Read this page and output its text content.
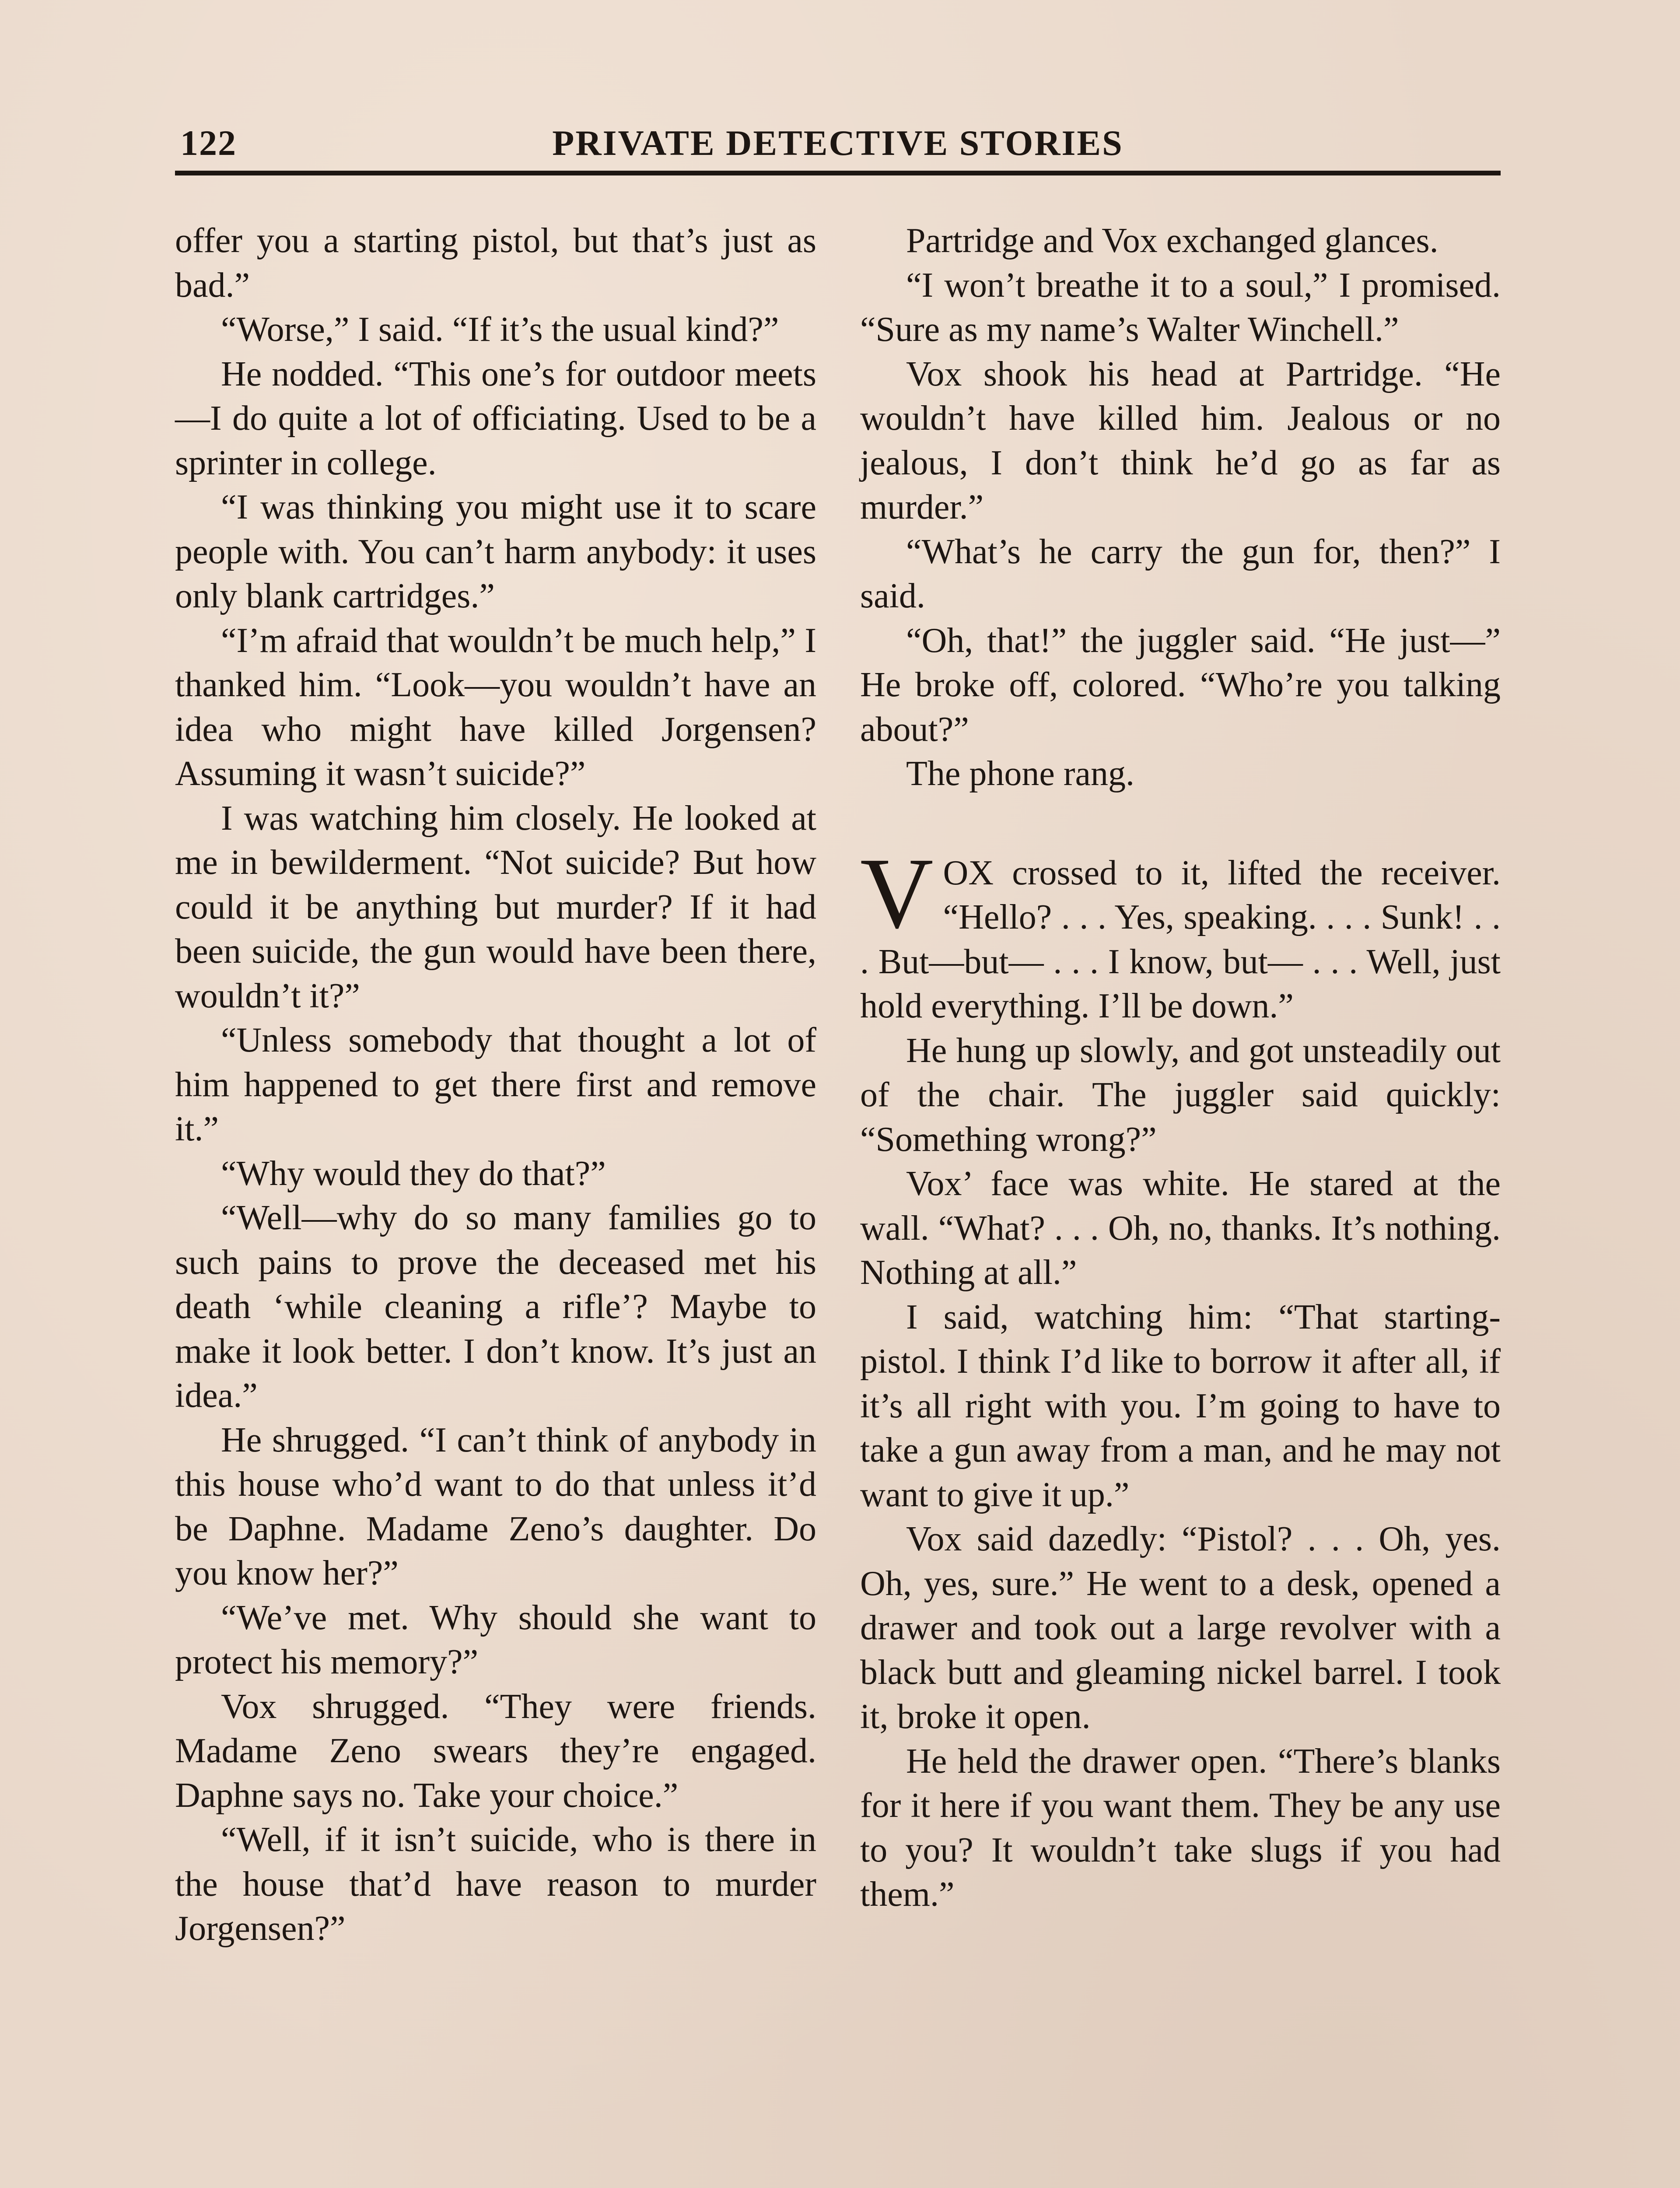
122	PRIVATE DETECTIVE STORIES

offer you a starting pistol, but that’s just as bad.”

“Worse,” I said. “If it’s the usual kind?”

He nodded. “This one’s for outdoor meets—I do quite a lot of officiating. Used to be a sprinter in college.

“I was thinking you might use it to scare people with. You can’t harm anybody: it uses only blank cartridges.”

“I’m afraid that wouldn’t be much help,” I thanked him. “Look—you wouldn’t have an idea who might have killed Jorgensen? Assuming it wasn’t suicide?”

I was watching him closely. He looked at me in bewilderment. “Not suicide? But how could it be anything but murder? If it had been suicide, the gun would have been there, wouldn’t it?”

“Unless somebody that thought a lot of him happened to get there first and remove it.”

“Why would they do that?”

“Well—why do so many families go to such pains to prove the deceased met his death ‘while cleaning a rifle’? Maybe to make it look better. I don’t know. It’s just an idea.”

He shrugged. “I can’t think of anybody in this house who’d want to do that unless it’d be Daphne. Madame Zeno’s daughter. Do you know her?”

“We’ve met. Why should she want to protect his memory?”

Vox shrugged. “They were friends. Madame Zeno swears they’re engaged. Daphne says no. Take your choice.”

“Well, if it isn’t suicide, who is there in the house that’d have reason to murder Jorgensen?”

Partridge and Vox exchanged glances.

“I won’t breathe it to a soul,” I promised. “Sure as my name’s Walter Winchell.”

Vox shook his head at Partridge. “He wouldn’t have killed him. Jealous or no jealous, I don’t think he’d go as far as murder.”

“What’s he carry the gun for, then?” I said.

“Oh, that!” the juggler said. “He just—” He broke off, colored. “Who’re you talking about?”

The phone rang.

VOX crossed to it, lifted the receiver. “Hello? . . . Yes, speaking. . . . Sunk! . . . But—but— . . . I know, but— . . . Well, just hold everything. I’ll be down.”

He hung up slowly, and got unsteadily out of the chair. The juggler said quickly: “Something wrong?”

Vox’ face was white. He stared at the wall. “What? . . . Oh, no, thanks. It’s nothing. Nothing at all.”

I said, watching him: “That starting-pistol. I think I’d like to borrow it after all, if it’s all right with you. I’m going to have to take a gun away from a man, and he may not want to give it up.”

Vox said dazedly: “Pistol? . . . Oh, yes. Oh, yes, sure.” He went to a desk, opened a drawer and took out a large revolver with a black butt and gleaming nickel barrel. I took it, broke it open.

He held the drawer open. “There’s blanks for it here if you want them. They be any use to you? It wouldn’t take slugs if you had them.”
